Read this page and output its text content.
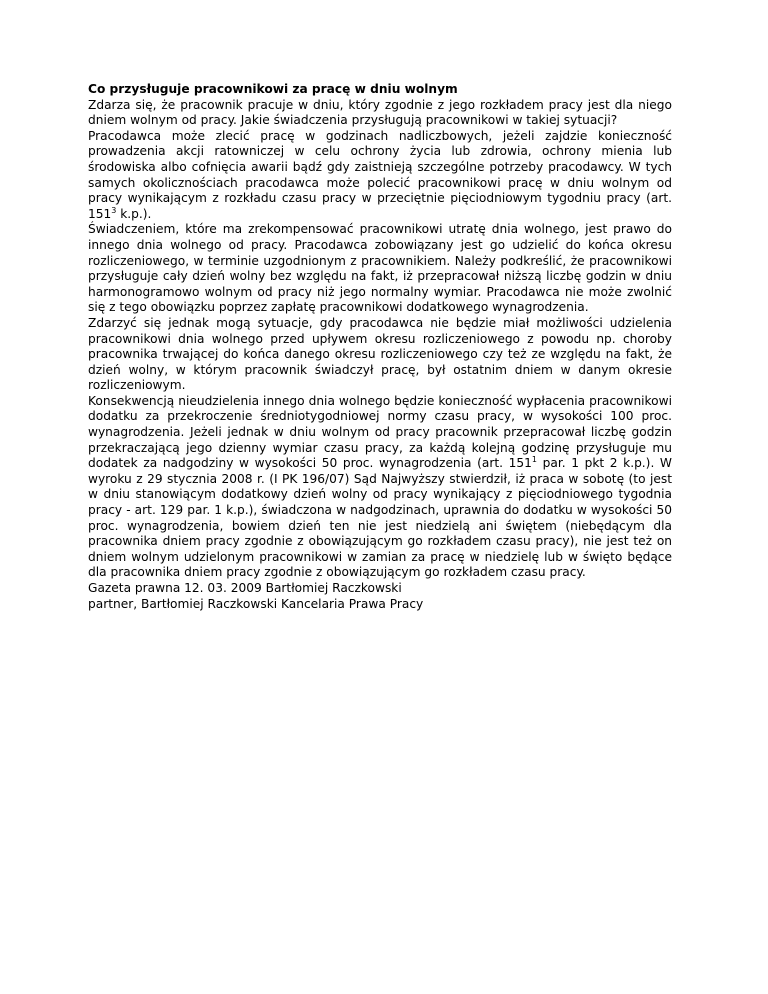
Co przysługuje pracownikowi za pracę w dniu wolnym

Zdarza się, że pracownik pracuje w dniu, który zgodnie z jego rozkładem pracy jest dla niego dniem wolnym od pracy. Jakie świadczenia przysługują pracownikowi w takiej sytuacji?

Pracodawca może zlecić pracę w godzinach nadliczbowych, jeżeli zajdzie konieczność prowadzenia akcji ratowniczej w celu ochrony życia lub zdrowia, ochrony mienia lub środowiska albo cofnięcia awarii bądź gdy zaistnieją szczególne potrzeby pracodawcy. W tych samych okolicznościach pracodawca może polecić pracownikowi pracę w dniu wolnym od pracy wynikającym z rozkładu czasu pracy w przeciętnie pięciodniowym tygodniu pracy (art. $151^3$ k.p.).

Świadczeniem, które ma zrekompensować pracownikowi utratę dnia wolnego, jest prawo do innego dnia wolnego od pracy. Pracodawca zobowiązany jest go udzielić do końca okresu rozliczeniowego, w terminie uzgodnionym z pracownikiem. Należy podkreślić, że pracownikowi przysługuje cały dzień wolny bez względu na fakt, iż przepracował niższą liczbę godzin w dniu harmonogramowo wolnym od pracy niż jego normalny wymiar. Pracodawca nie może zwolnić się z tego obowiązku poprzez zapłatę pracownikowi dodatkowego wynagrodzenia.

Zdarzyć się jednak mogą sytuacje, gdy pracodawca nie będzie miał możliwości udzielenia pracownikowi dnia wolnego przed upływem okresu rozliczeniowego z powodu np. choroby pracownika trwającej do końca danego okresu rozliczeniowego czy też ze względu na fakt, że dzień wolny, w którym pracownik świadczył pracę, był ostatnim dniem w danym okresie rozliczeniowym.

Konsekwencją nieudzielenia innego dnia wolnego będzie konieczność wypłacenia pracownikowi dodatku za przekroczenie średniotygodniowej normy czasu pracy, w wysokości 100 proc. wynagrodzenia. Jeżeli jednak w dniu wolnym od pracy pracownik przepracował liczbę godzin przekraczającą jego dzienny wymiar czasu pracy, za każdą kolejną godzinę przysługuje mu dodatek za nadgodziny w wysokości 50 proc. wynagrodzenia (art. $151^1$ par. 1 pkt 2 k.p.). W wyroku z 29 stycznia 2008 r. (I PK 196/07) Sąd Najwyższy stwierdził, iż praca w sobotę (to jest w dniu stanowiącym dodatkowy dzień wolny od pracy wynikający z pięciodniowego tygodnia pracy - art. 129 par. 1 k.p.), świadczona w nadgodzinach, uprawnia do dodatku w wysokości 50 proc. wynagrodzenia, bowiem dzień ten nie jest niedzielą ani świętem (niebędącym dla pracownika dniem pracy zgodnie z obowiązującym go rozkładem czasu pracy), nie jest też on dniem wolnym udzielonym pracownikowi w zamian za pracę w niedzielę lub w święto będące dla pracownika dniem pracy zgodnie z obowiązującym go rozkładem czasu pracy.

Gazeta prawna 12. 03. 2009 Bartłomiej Raczkowski

partner, Bartłomiej Raczkowski Kancelaria Prawa Pracy
